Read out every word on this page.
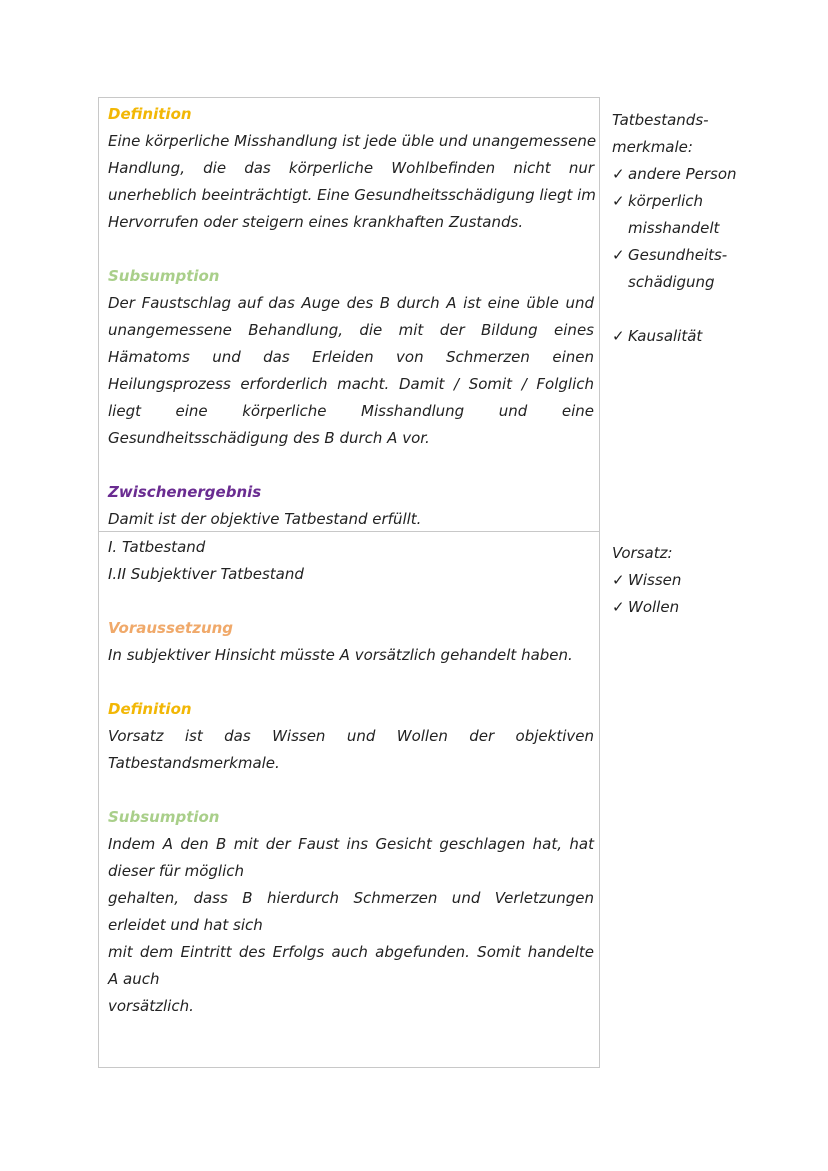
Definition
Eine körperliche Misshandlung ist jede üble und unangemessene
Handlung, die das körperliche Wohlbefinden nicht nur
unerheblich beeinträchtigt. Eine Gesundheitsschädigung liegt im
Hervorrufen oder steigern eines krankhaften Zustands.
Subsumption
Der Faustschlag auf das Auge des B durch A ist eine üble und
unangemessene Behandlung, die mit der Bildung eines
Hämatoms und das Erleiden von Schmerzen einen
Heilungsprozess erforderlich macht. Damit / Somit / Folglich
liegt eine körperliche Misshandlung und eine
Gesundheitsschädigung des B durch A vor.
Zwischenergebnis
Damit ist der objektive Tatbestand erfüllt.
I. Tatbestand
I.II Subjektiver Tatbestand
Voraussetzung
In subjektiver Hinsicht müsste A vorsätzlich gehandelt haben.
Definition
Vorsatz ist das Wissen und Wollen der objektiven
Tatbestandsmerkmale.
Subsumption
Indem A den B mit der Faust ins Gesicht geschlagen hat, hat
dieser für möglich
gehalten, dass B hierdurch Schmerzen und Verletzungen
erleidet und hat sich
mit dem Eintritt des Erfolgs auch abgefunden. Somit handelte
A auch
vorsätzlich.
Tatbestands-
merkmale:
✓ andere Person
✓ körperlich
misshandelt
✓ Gesundheits-
schädigung
✓ Kausalität
Vorsatz:
✓ Wissen
✓ Wollen
